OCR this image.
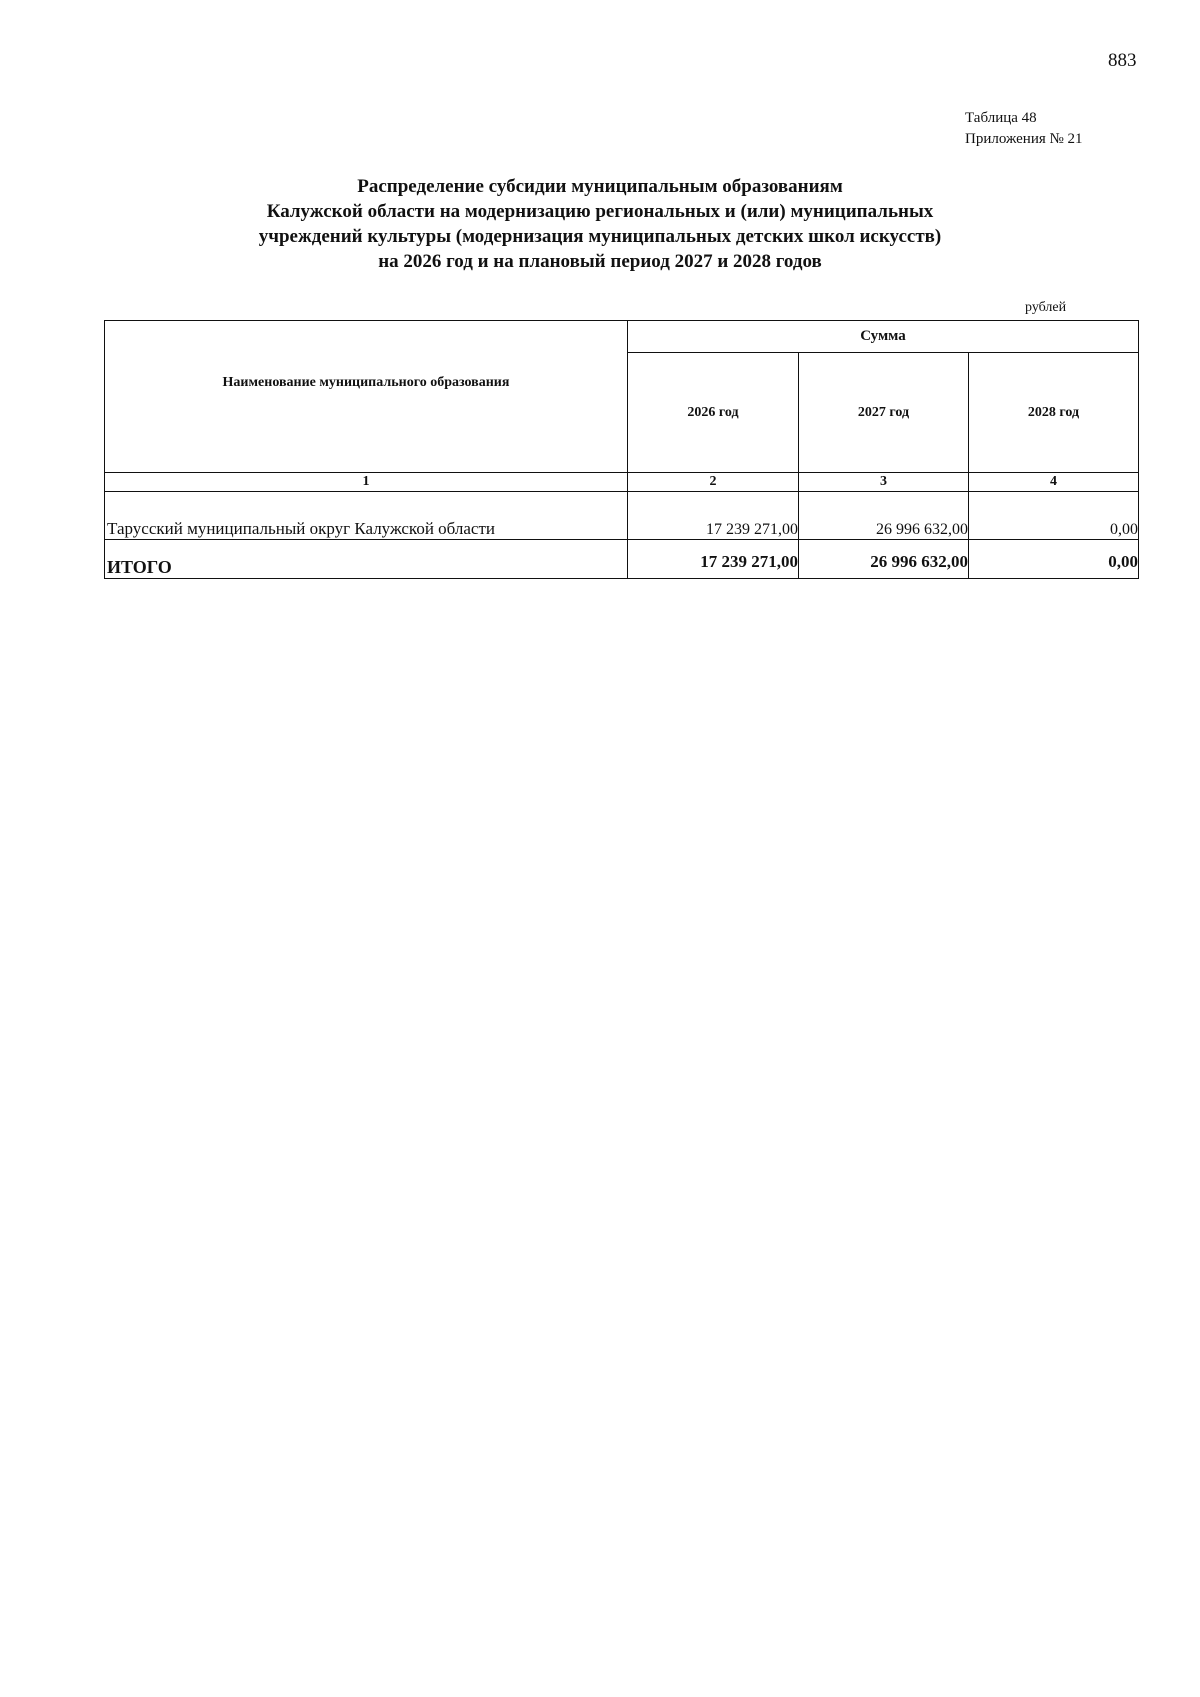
883
Таблица 48
Приложения № 21
Распределение субсидии муниципальным образованиям
Калужской области на модернизацию региональных и (или) муниципальных
учреждений культуры (модернизация муниципальных детских школ искусств)
на 2026 год и на плановый период 2027 и 2028 годов
рублей
Наименование муниципального образования	Сумма		
	2026 год	2027 год	2028 год
1	2	3	4

Тарусский муниципальный округ Калужской области	17 239 271,00	26 996 632,00	0,00
ИТОГО	17 239 271,00	26 996 632,00	0,00
